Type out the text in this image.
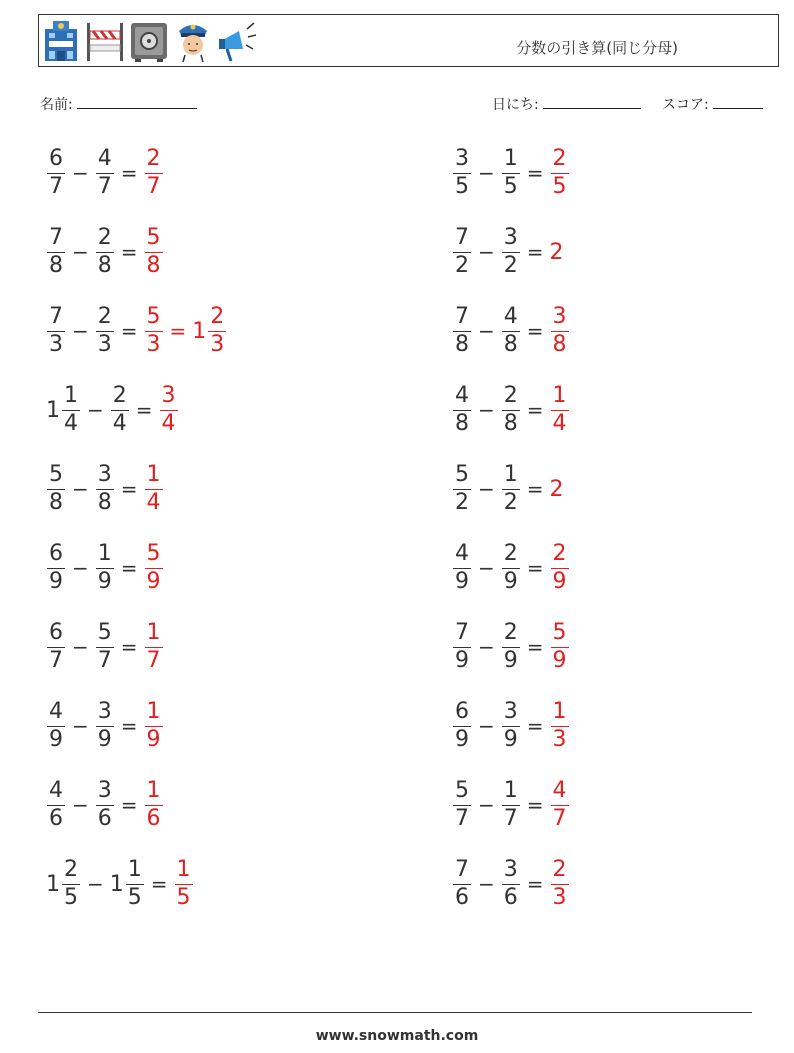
分数の引き算(同じ分母)
名前:	日にち:	スコア:
$\frac{6}{7} - \frac{4}{7} = \frac{2}{7}$
$\frac{7}{8} - \frac{2}{8} = \frac{5}{8}$
$\frac{7}{3} - \frac{2}{3} = \frac{5}{3} = 1 \frac{2}{3}$
$1 \frac{1}{4} - \frac{2}{4} = \frac{3}{4}$
$\frac{5}{8} - \frac{3}{8} = \frac{1}{4}$
$\frac{6}{9} - \frac{1}{9} = \frac{5}{9}$
$\frac{6}{7} - \frac{5}{7} = \frac{1}{7}$
$\frac{4}{9} - \frac{3}{9} = \frac{1}{9}$
$\frac{4}{6} - \frac{3}{6} = \frac{1}{6}$
$1 \frac{2}{5} - 1 \frac{1}{5} = \frac{1}{5}$
$\frac{3}{5} - \frac{1}{5} = \frac{2}{5}$
$\frac{7}{2} - \frac{3}{2} = 2$
$\frac{7}{8} - \frac{4}{8} = \frac{3}{8}$
$\frac{4}{8} - \frac{2}{8} = \frac{1}{4}$
$\frac{5}{2} - \frac{1}{2} = 2$
$\frac{4}{9} - \frac{2}{9} = \frac{2}{9}$
$\frac{7}{9} - \frac{2}{9} = \frac{5}{9}$
$\frac{6}{9} - \frac{3}{9} = \frac{1}{3}$
$\frac{5}{7} - \frac{1}{7} = \frac{4}{7}$
$\frac{7}{6} - \frac{3}{6} = \frac{2}{3}$
www.snowmath.com
